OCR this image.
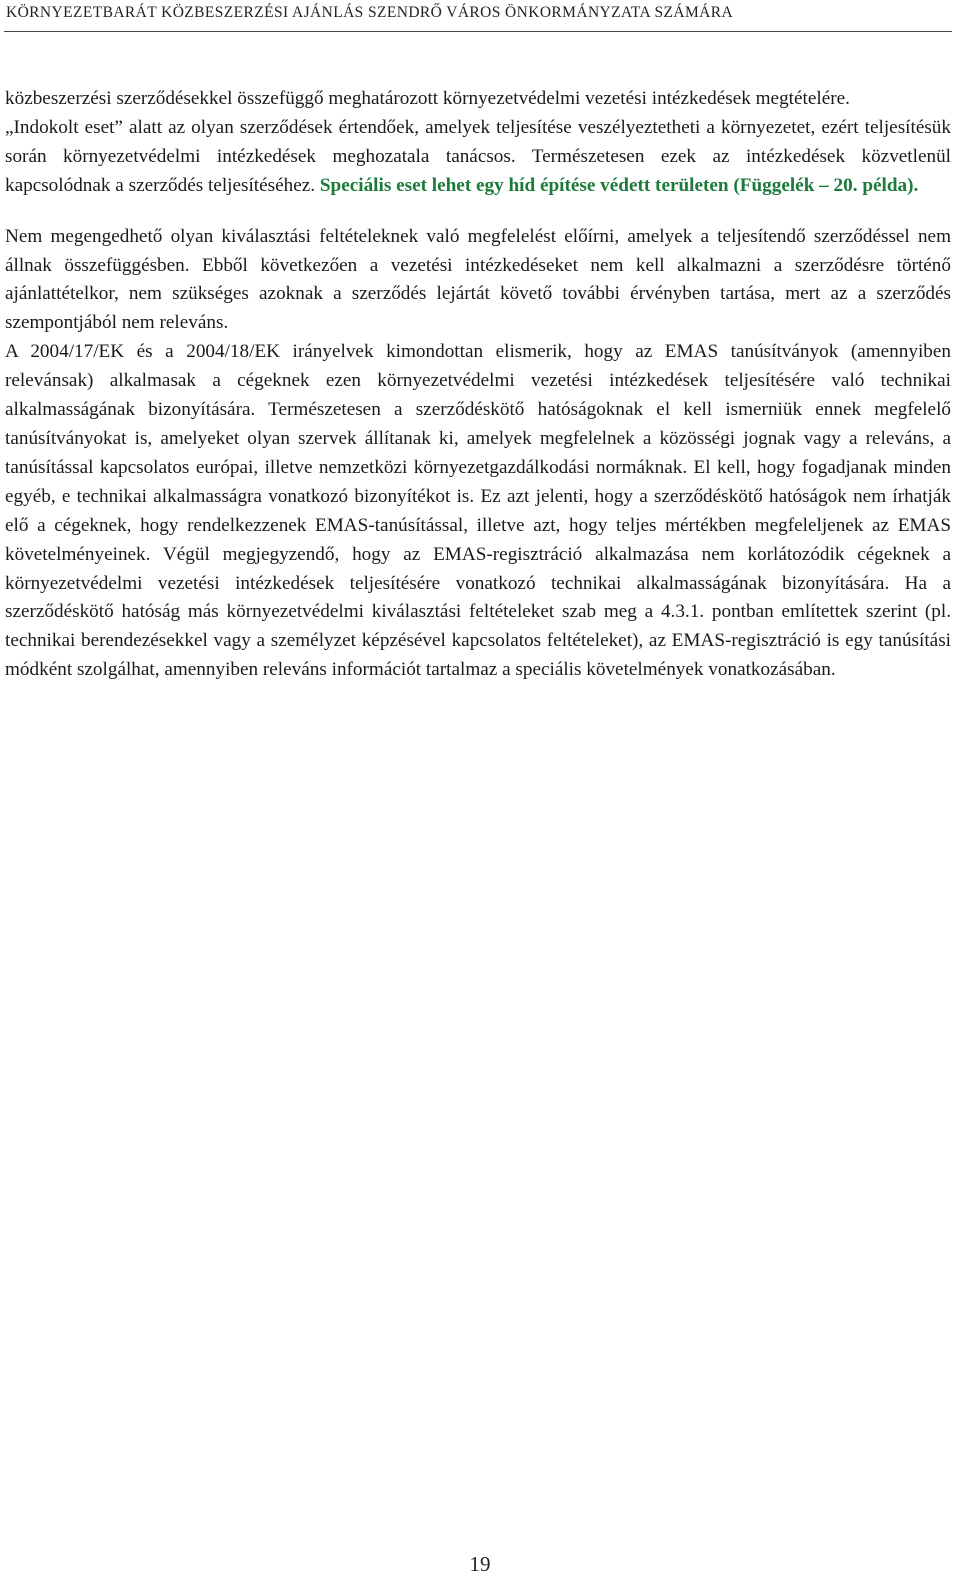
KÖRNYEZETBARÁT KÖZBESZERZÉSI AJÁNLÁS SZENDRŐ VÁROS ÖNKORMÁNYZATA SZÁMÁRA

közbeszerzési szerződésekkel összefüggő meghatározott környezetvédelmi vezetési intézkedések megtételére.

„Indokolt eset” alatt az olyan szerződések értendőek, amelyek teljesítése veszélyeztetheti a környezetet, ezért teljesítésük során környezetvédelmi intézkedések meghozatala tanácsos. Természetesen ezek az intézkedések közvetlenül kapcsolódnak a szerződés teljesítéséhez. Speciális eset lehet egy híd építése védett területen (Függelék – 20. példa).

Nem megengedhető olyan kiválasztási feltételeknek való megfelelést előírni, amelyek a teljesítendő szerződéssel nem állnak összefüggésben. Ebből következően a vezetési intézkedéseket nem kell alkalmazni a szerződésre történő ajánlattételkor, nem szükséges azoknak a szerződés lejártát követő további érvényben tartása, mert az a szerződés szempontjából nem releváns.

A 2004/17/EK és a 2004/18/EK irányelvek kimondottan elismerik, hogy az EMAS tanúsítványok (amennyiben relevánsak) alkalmasak a cégeknek ezen környezetvédelmi vezetési intézkedések teljesítésére való technikai alkalmasságának bizonyítására. Természetesen a szerződéskötő hatóságoknak el kell ismerniük ennek megfelelő tanúsítványokat is, amelyeket olyan szervek állítanak ki, amelyek megfelelnek a közösségi jognak vagy a releváns, a tanúsítással kapcsolatos európai, illetve nemzetközi környezetgazdálkodási normáknak. El kell, hogy fogadjanak minden egyéb, e technikai alkalmasságra vonatkozó bizonyítékot is. Ez azt jelenti, hogy a szerződéskötő hatóságok nem írhatják elő a cégeknek, hogy rendelkezzenek EMAS-tanúsítással, illetve azt, hogy teljes mértékben megfeleljenek az EMAS követelményeinek. Végül megjegyzendő, hogy az EMAS-regisztráció alkalmazása nem korlátozódik cégeknek a környezetvédelmi vezetési intézkedések teljesítésére vonatkozó technikai alkalmasságának bizonyítására. Ha a szerződéskötő hatóság más környezetvédelmi kiválasztási feltételeket szab meg a 4.3.1. pontban említettek szerint (pl. technikai berendezésekkel vagy a személyzet képzésével kapcsolatos feltételeket), az EMAS-regisztráció is egy tanúsítási módként szolgálhat, amennyiben releváns információt tartalmaz a speciális követelmények vonatkozásában.

19
